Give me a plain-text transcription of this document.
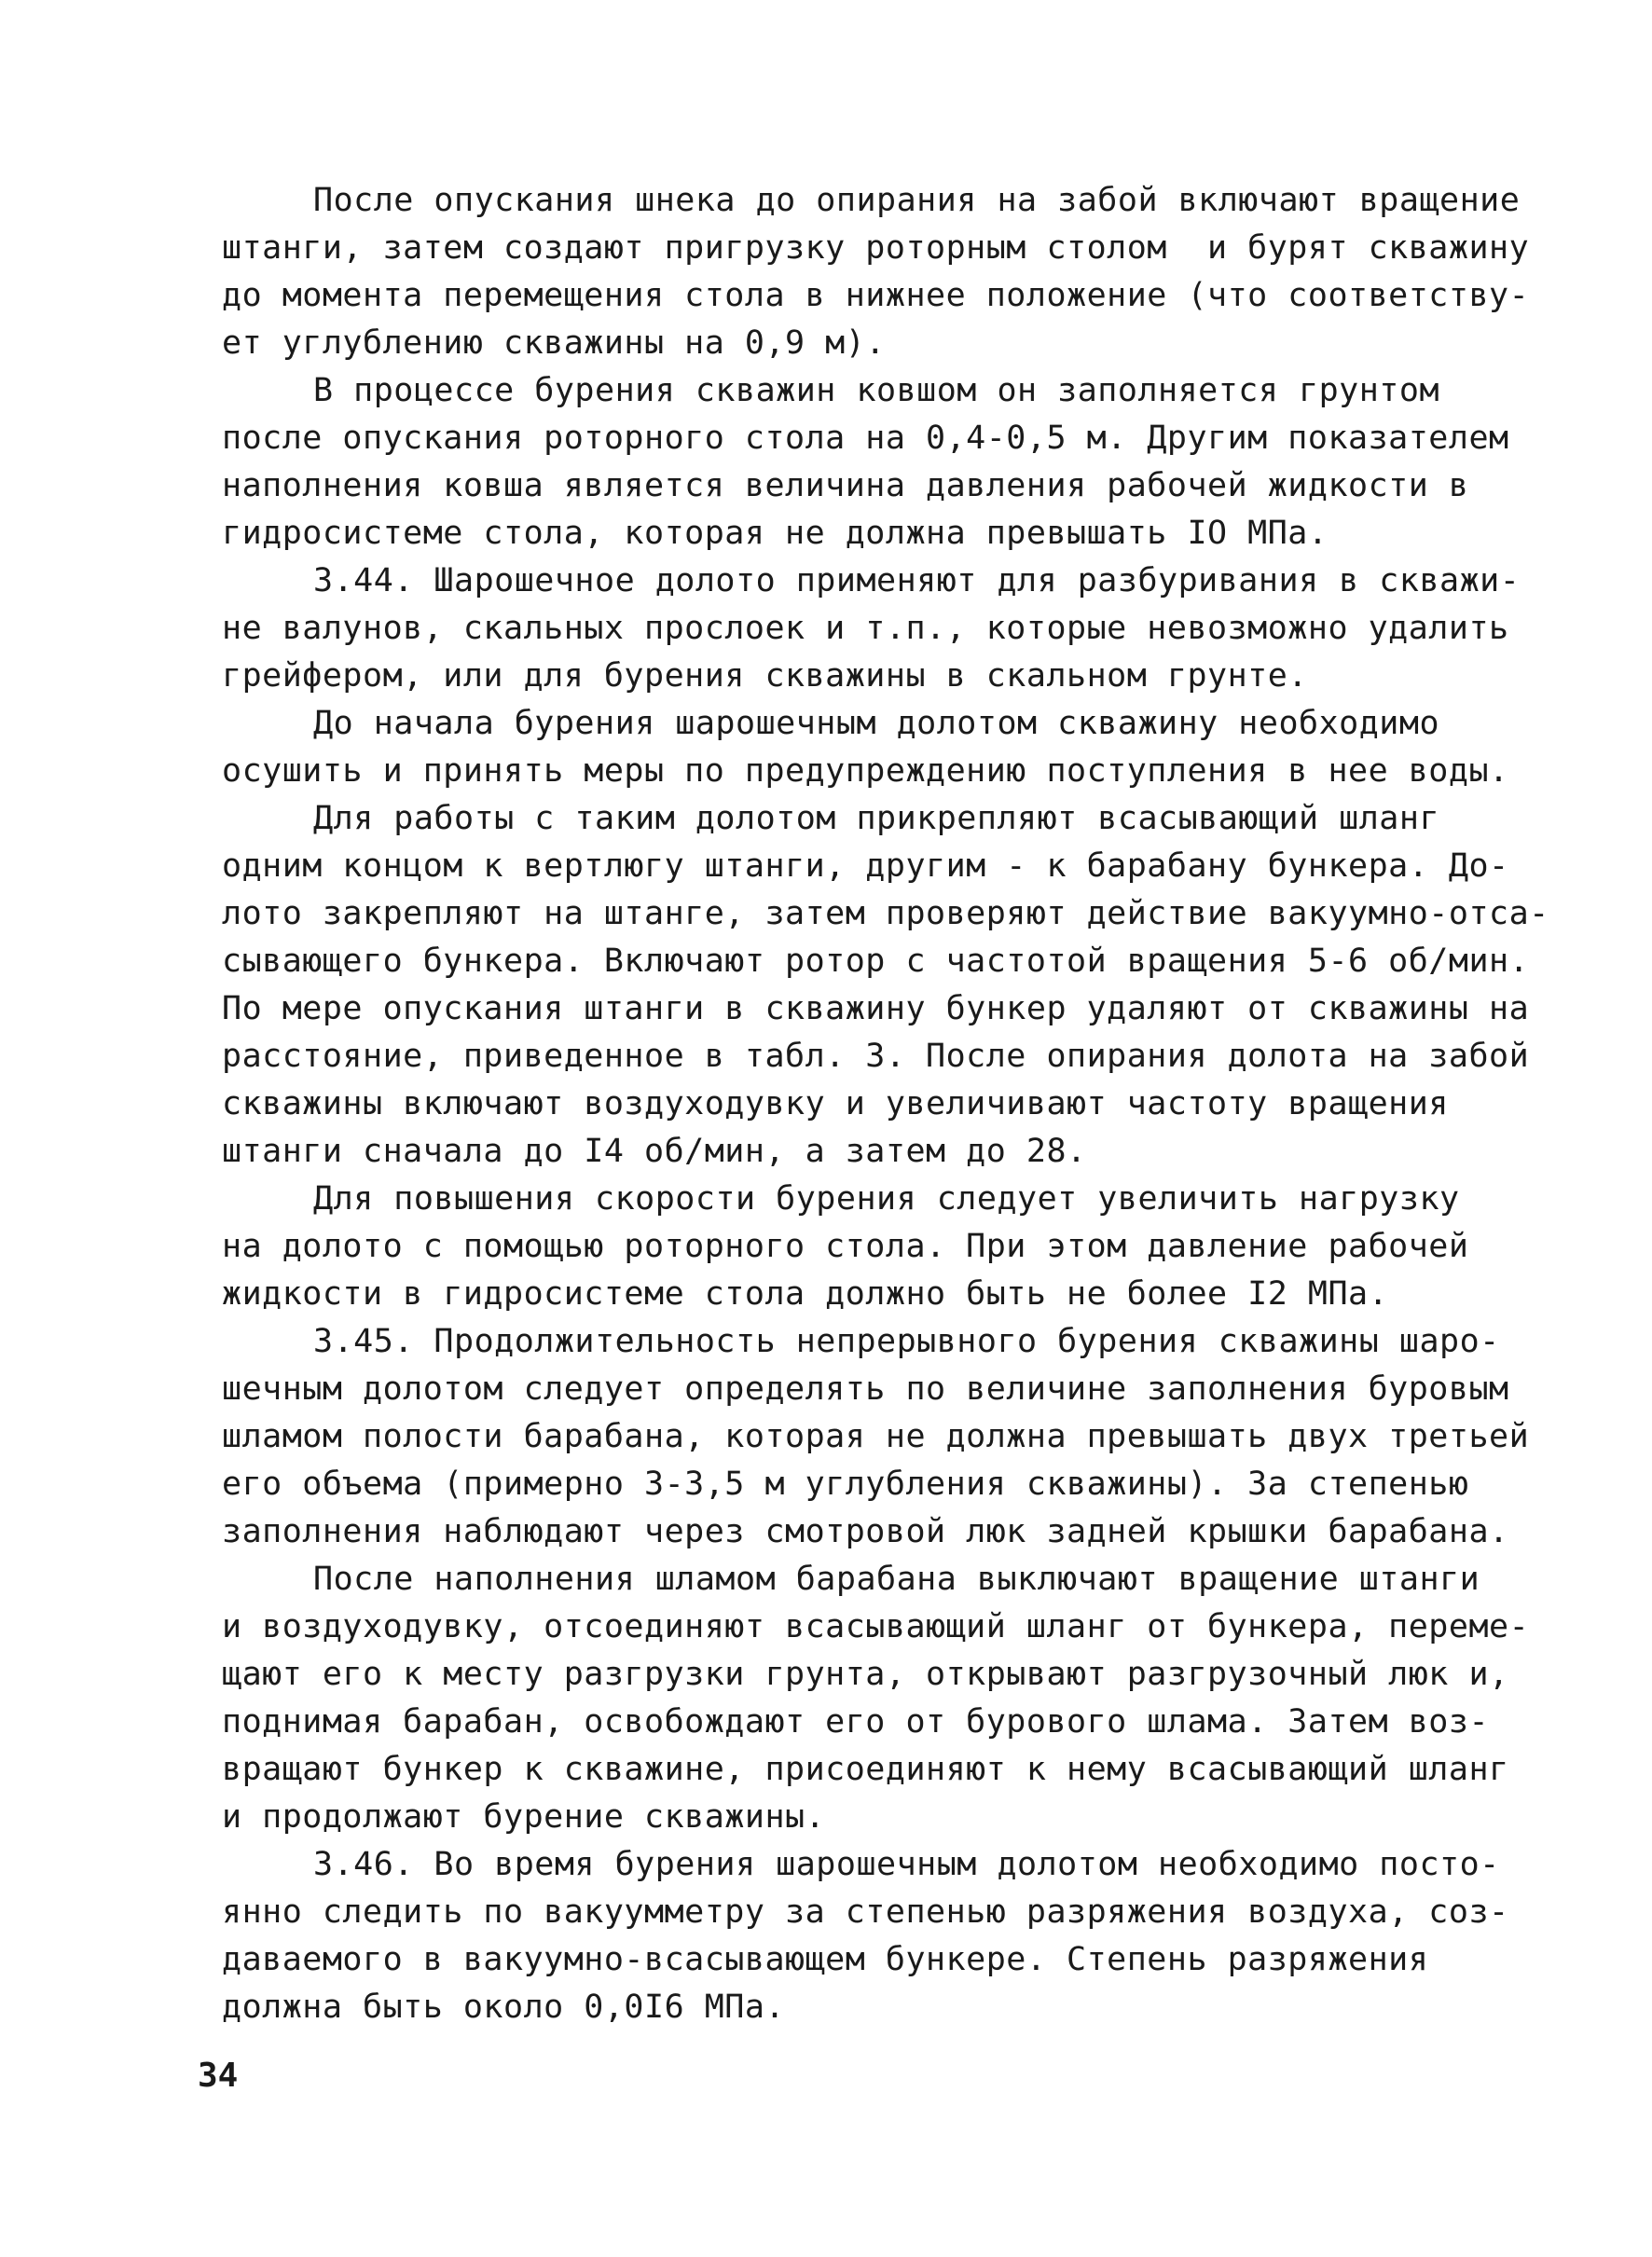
После опускания шнека до опирания на забой включают вращение
штанги, затем создают пригрузку роторным столом  и бурят скважину
до момента перемещения стола в нижнее положение (что соответству-
ет углублению скважины на 0,9 м).
В процессе бурения скважин ковшом он заполняется грунтом
после опускания роторного стола на 0,4-0,5 м. Другим показателем
наполнения ковша является величина давления рабочей жидкости в
гидросистеме стола, которая не должна превышать IO МПа.
3.44. Шарошечное долото применяют для разбуривания в скважи-
не валунов, скальных прослоек и т.п., которые невозможно удалить
грейфером, или для бурения скважины в скальном грунте.
До начала бурения шарошечным долотом скважину необходимо
осушить и принять меры по предупреждению поступления в нее воды.
Для работы с таким долотом прикрепляют всасывающий шланг
одним концом к вертлюгу штанги, другим - к барабану бункера. До-
лото закрепляют на штанге, затем проверяют действие вакуумно-отса-
сывающего бункера. Включают ротор с частотой вращения 5-6 об/мин.
По мере опускания штанги в скважину бункер удаляют от скважины на
расстояние, приведенное в табл. 3. После опирания долота на забой
скважины включают воздуходувку и увеличивают частоту вращения
штанги сначала до I4 об/мин, а затем до 28.
Для повышения скорости бурения следует увеличить нагрузку
на долото с помощью роторного стола. При этом давление рабочей
жидкости в гидросистеме стола должно быть не более I2 МПа.
3.45. Продолжительность непрерывного бурения скважины шаро-
шечным долотом следует определять по величине заполнения буровым
шламом полости барабана, которая не должна превышать двух третьей
его объема (примерно 3-3,5 м углубления скважины). За степенью
заполнения наблюдают через смотровой люк задней крышки барабана.
После наполнения шламом барабана выключают вращение штанги
и воздуходувку, отсоединяют всасывающий шланг от бункера, переме-
щают его к месту разгрузки грунта, открывают разгрузочный люк и,
поднимая барабан, освобождают его от бурового шлама. Затем воз-
вращают бункер к скважине, присоединяют к нему всасывающий шланг
и продолжают бурение скважины.
3.46. Во время бурения шарошечным долотом необходимо посто-
янно следить по вакуумметру за степенью разряжения воздуха, соз-
даваемого в вакуумно-всасывающем бункере. Степень разряжения
должна быть около 0,0I6 МПа.
34
